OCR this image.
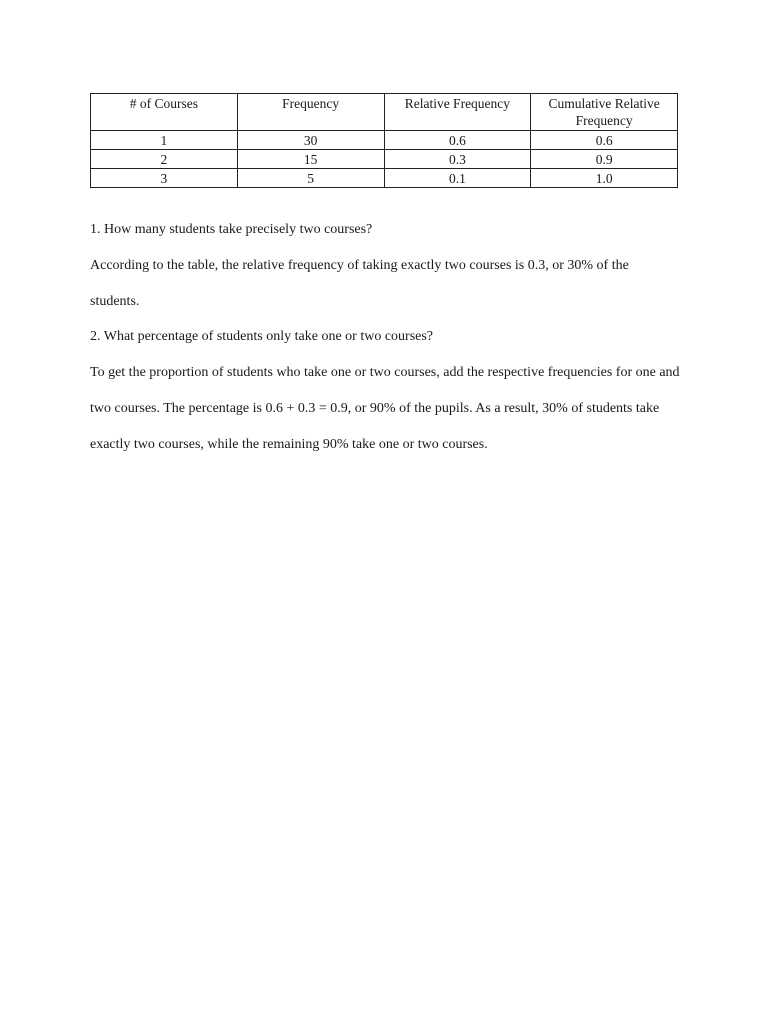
# of Courses	Frequency	Relative Frequency	Cumulative Relative Frequency
1	30	0.6	0.6
2	15	0.3	0.9
3	5	0.1	1.0

1. How many students take precisely two courses?

According to the table, the relative frequency of taking exactly two courses is 0.3, or 30% of the students.

2. What percentage of students only take one or two courses?

To get the proportion of students who take one or two courses, add the respective frequencies for one and two courses. The percentage is 0.6 + 0.3 = 0.9, or 90% of the pupils. As a result, 30% of students take exactly two courses, while the remaining 90% take one or two courses.
